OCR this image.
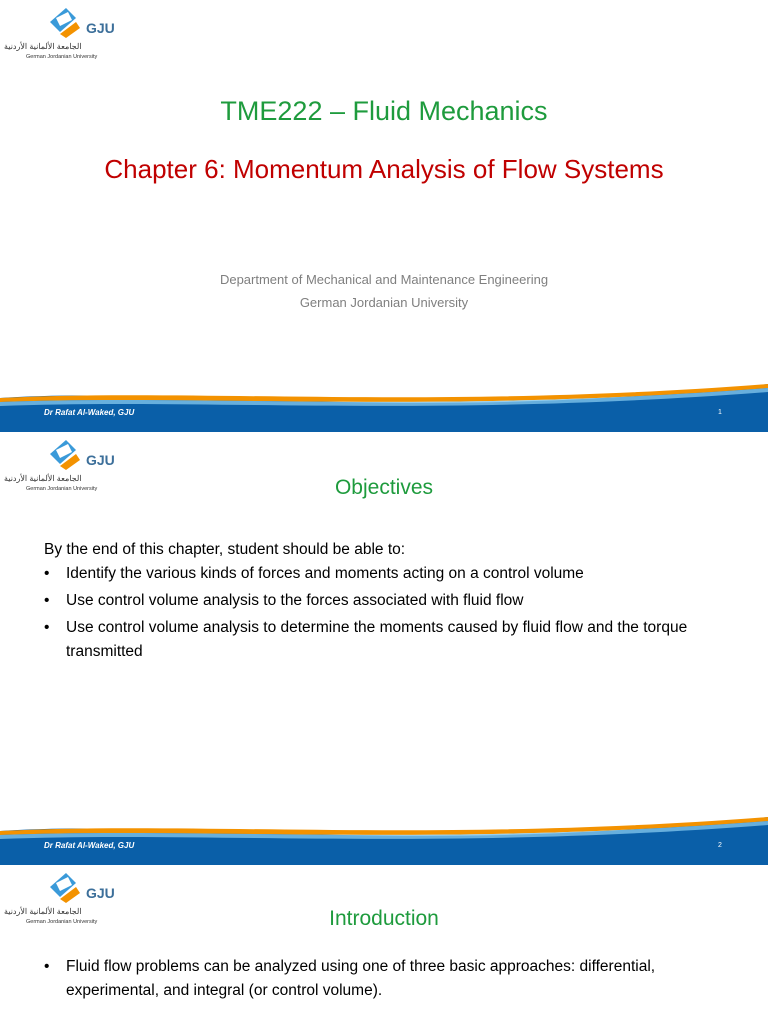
GJU
الجامعة الألمانية الأردنية
German Jordanian University
TME222 – Fluid Mechanics
Chapter 6: Momentum Analysis of Flow Systems
Department of Mechanical and Maintenance Engineering
German Jordanian University
Dr Rafat Al-Waked, GJU	1
GJU
الجامعة الألمانية الأردنية
German Jordanian University	Objectives
By the end of this chapter, student should be able to:
• Identify the various kinds of forces and moments acting on a control volume
• Use control volume analysis to the forces associated with fluid flow
• Use control volume analysis to determine the moments caused by fluid flow and the torque transmitted
Dr Rafat Al-Waked, GJU	2
GJU
الجامعة الألمانية الأردنية
German Jordanian University	Introduction
• Fluid flow problems can be analyzed using one of three basic approaches: differential, experimental, and integral (or control volume).
